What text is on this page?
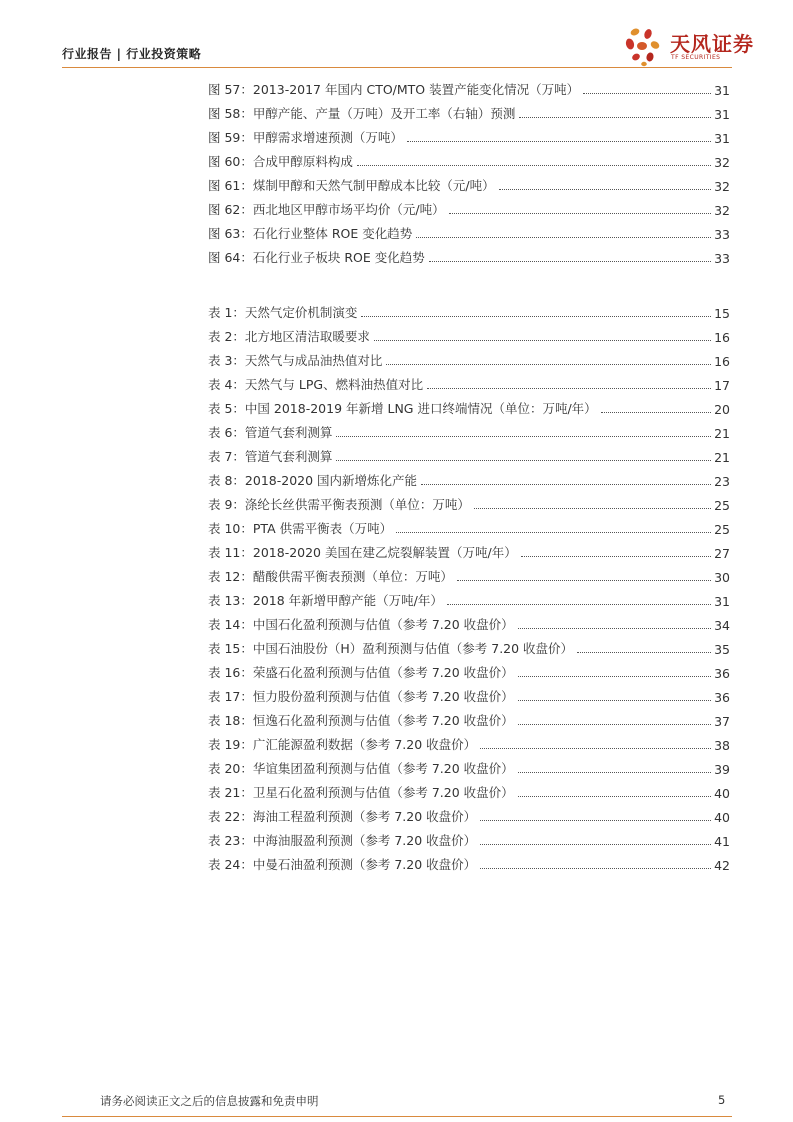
行业报告 | 行业投资策略	天风证券
TF SECURITIES
图 57：2013-2017 年国内 CTO/MTO 装置产能变化情况（万吨）	31
图 58：甲醇产能、产量（万吨）及开工率（右轴）预测	31
图 59：甲醇需求增速预测（万吨）	31
图 60：合成甲醇原料构成	32
图 61：煤制甲醇和天然气制甲醇成本比较（元/吨）	32
图 62：西北地区甲醇市场平均价（元/吨）	32
图 63：石化行业整体 ROE 变化趋势	33
图 64：石化行业子板块 ROE 变化趋势	33
表 1：天然气定价机制演变	15
表 2：北方地区清洁取暖要求	16
表 3：天然气与成品油热值对比	16
表 4：天然气与 LPG、燃料油热值对比	17
表 5：中国 2018-2019 年新增 LNG 进口终端情况（单位：万吨/年）	20
表 6：管道气套利测算	21
表 7：管道气套利测算	21
表 8：2018-2020 国内新增炼化产能	23
表 9：涤纶长丝供需平衡表预测（单位：万吨）	25
表 10：PTA 供需平衡表（万吨）	25
表 11：2018-2020 美国在建乙烷裂解装置（万吨/年）	27
表 12：醋酸供需平衡表预测（单位：万吨）	30
表 13：2018 年新增甲醇产能（万吨/年）	31
表 14：中国石化盈利预测与估值（参考 7.20 收盘价）	34
表 15：中国石油股份（H）盈利预测与估值（参考 7.20 收盘价）	35
表 16：荣盛石化盈利预测与估值（参考 7.20 收盘价）	36
表 17：恒力股份盈利预测与估值（参考 7.20 收盘价）	36
表 18：恒逸石化盈利预测与估值（参考 7.20 收盘价）	37
表 19：广汇能源盈利数据（参考 7.20 收盘价）	38
表 20：华谊集团盈利预测与估值（参考 7.20 收盘价）	39
表 21：卫星石化盈利预测与估值（参考 7.20 收盘价）	40
表 22：海油工程盈利预测（参考 7.20 收盘价）	40
表 23：中海油服盈利预测（参考 7.20 收盘价）	41
表 24：中曼石油盈利预测（参考 7.20 收盘价）	42
请务必阅读正文之后的信息披露和免责申明	5
